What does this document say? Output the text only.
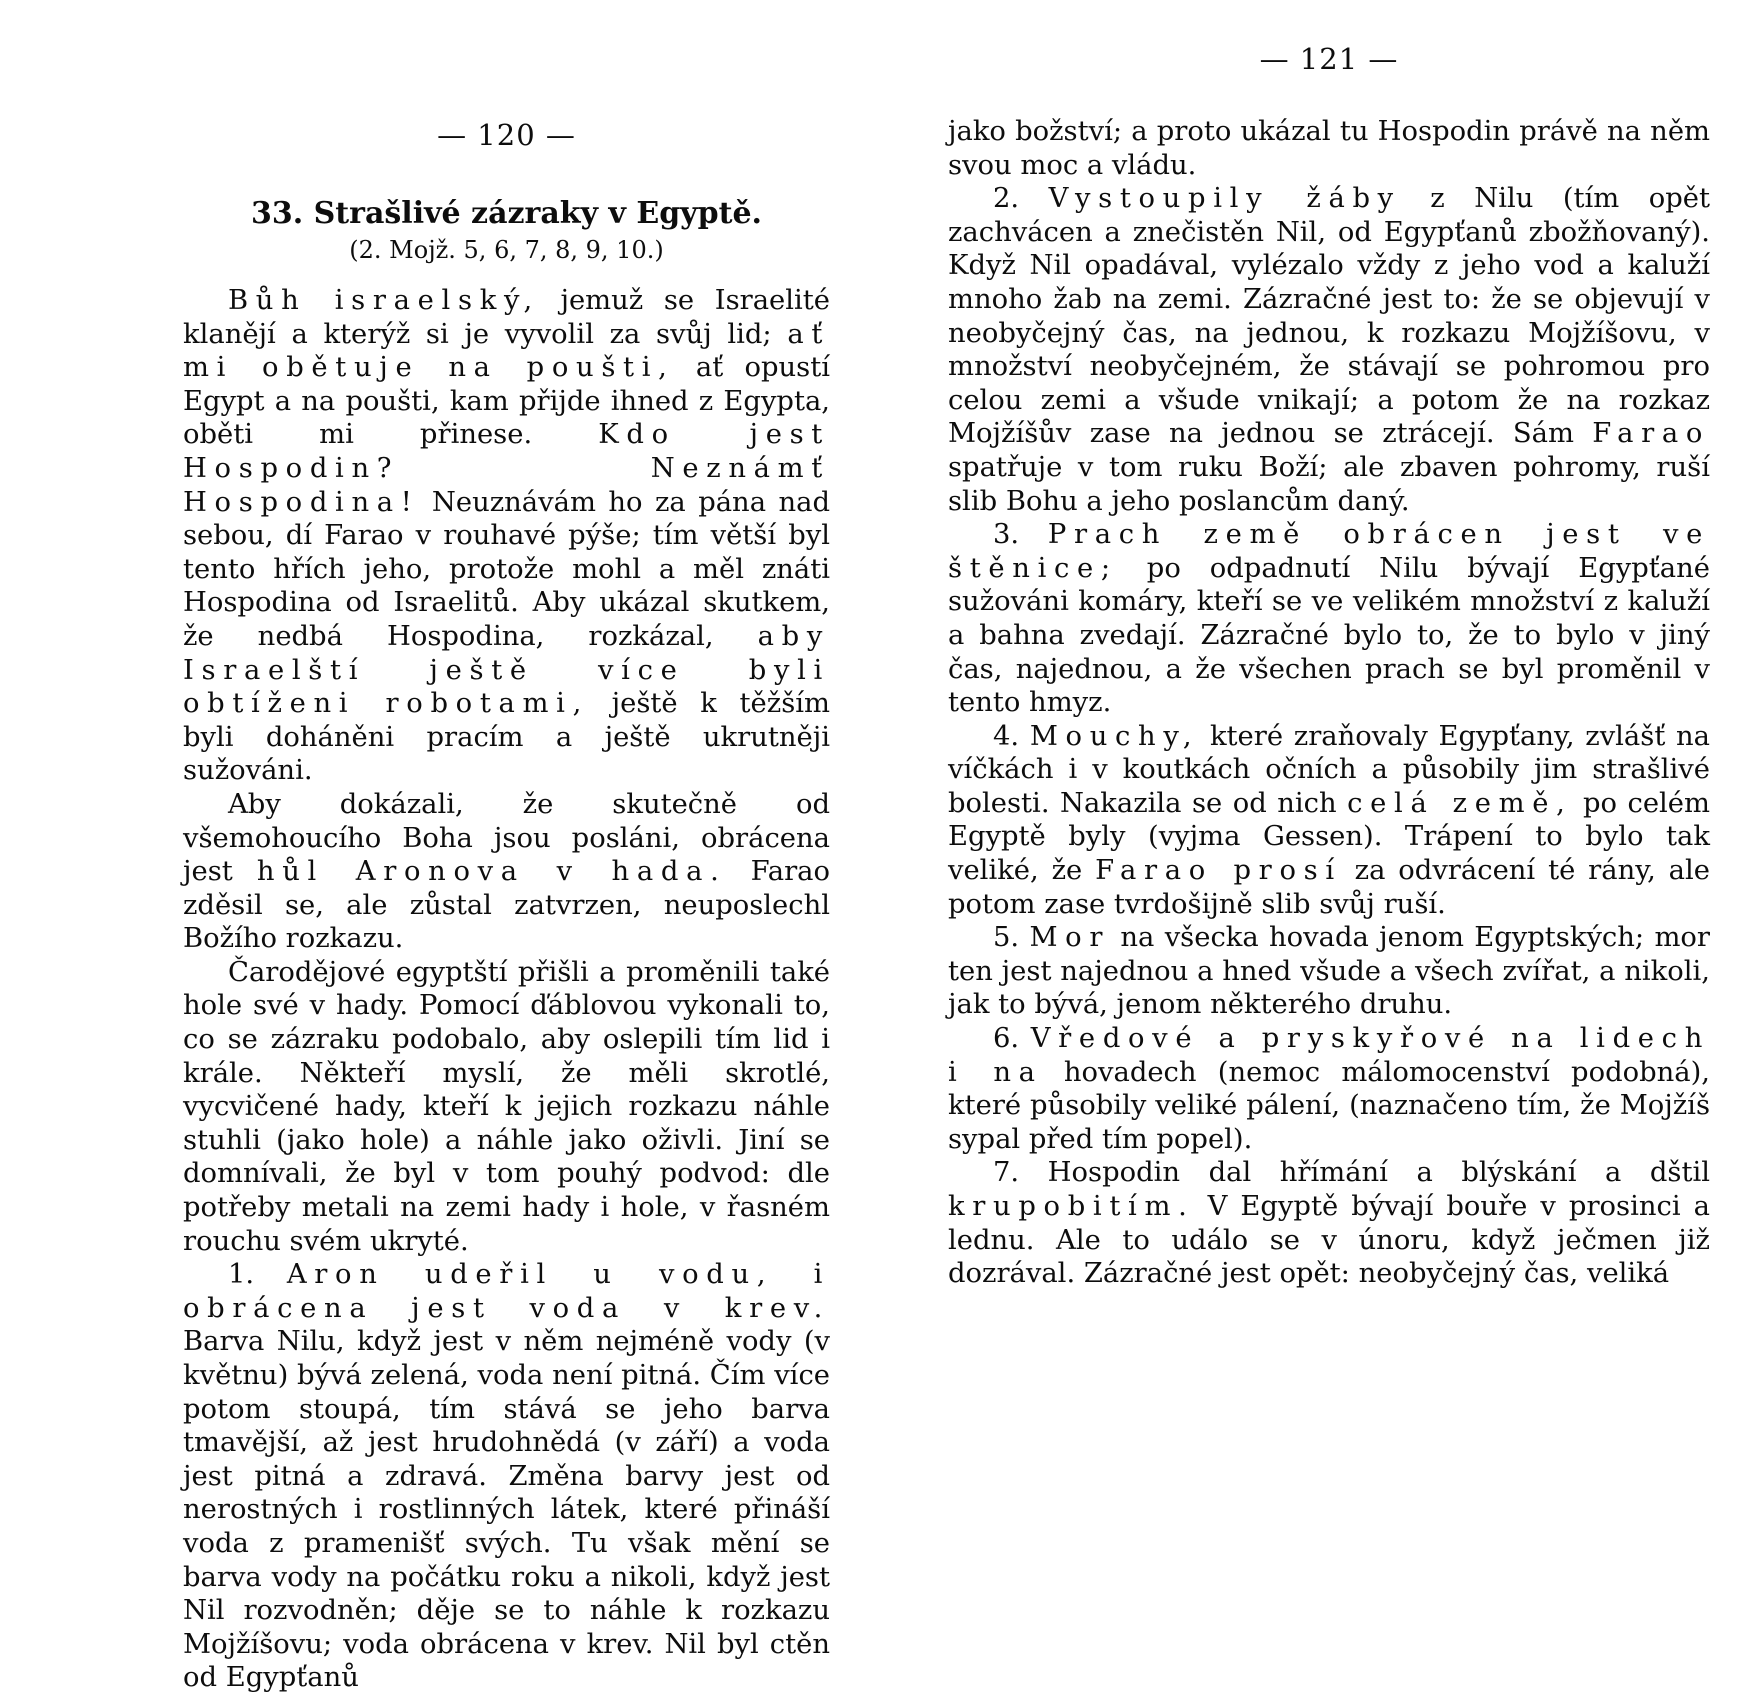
— 120 —
33. Strašlivé zázraky v Egyptě.
(2. Mojž. 5, 6, 7, 8, 9, 10.)

Bůh israelský, jemuž se Israelité klanějí a kterýž si je vyvolil za svůj lid; ať mi obětuje na poušti, ať opustí Egypt a na poušti, kam přijde ihned z Egypta, oběti mi přinese. Kdo jest Hospodin? Neznámť Hospodina! Neuznávám ho za pána nad sebou, dí Farao v rouhavé pýše; tím větší byl tento hřích jeho, protože mohl a měl znáti Hospodina od Israelitů. Aby ukázal skutkem, že nedbá Hospodina, rozkázal, aby Israelští ještě více byli obtíženi robotami, ještě k těžším byli doháněni pracím a ještě ukrutněji sužováni.

Aby dokázali, že skutečně od všemohoucího Boha jsou posláni, obrácena jest hůl Aronova v hada. Farao zděsil se, ale zůstal zatvrzen, neuposlechl Božího rozkazu.

Čarodějové egyptští přišli a proměnili také hole své v hady. Pomocí ďáblovou vykonali to, co se zázraku podobalo, aby oslepili tím lid i krále. Někteří myslí, že měli skrotlé, vycvičené hady, kteří k jejich rozkazu náhle stuhli (jako hole) a náhle jako oživli. Jiní se domnívali, že byl v tom pouhý podvod: dle potřeby metali na zemi hady i hole, v řasném rouchu svém ukryté.

1. Aron udeřil u vodu, i obrácena jest voda v krev. Barva Nilu, když jest v něm nejméně vody (v květnu) bývá zelená, voda není pitná. Čím více potom stoupá, tím stává se jeho barva tmavější, až jest hrudohnědá (v září) a voda jest pitná a zdravá. Změna barvy jest od nerostných i rostlinných látek, které přináší voda z pramenišť svých. Tu však mění se barva vody na počátku roku a nikoli, když jest Nil rozvodněn; děje se to náhle k rozkazu Mojžíšovu; voda obrácena v krev. Nil byl ctěn od Egypťanů

— 121 —

jako božství; a proto ukázal tu Hospodin právě na něm svou moc a vládu.

2. Vystoupily žáby z Nilu (tím opět zachvácen a znečistěn Nil, od Egypťanů zbožňovaný). Když Nil opadával, vylézalo vždy z jeho vod a kaluží mnoho žab na zemi. Zázračné jest to: že se objevují v neobyčejný čas, na jednou, k rozkazu Mojžíšovu, v množství neobyčejném, že stávají se pohromou pro celou zemi a všude vnikají; a potom že na rozkaz Mojžíšův zase na jednou se ztrácejí. Sám Farao spatřuje v tom ruku Boží; ale zbaven pohromy, ruší slib Bohu a jeho poslancům daný.

3. Prach země obrácen jest ve štěnice; po odpadnutí Nilu bývají Egypťané sužováni komáry, kteří se ve velikém množství z kaluží a bahna zvedají. Zázračné bylo to, že to bylo v jiný čas, najednou, a že všechen prach se byl proměnil v tento hmyz.

4. Mouchy, které zraňovaly Egypťany, zvlášť na víčkách i v koutkách očních a působily jim strašlivé bolesti. Nakazila se od nich celá země, po celém Egyptě byly (vyjma Gessen). Trápení to bylo tak veliké, že Farao prosí za odvrácení té rány, ale potom zase tvrdošijně slib svůj ruší.

5. Mor na všecka hovada jenom Egyptských; mor ten jest najednou a hned všude a všech zvířat, a nikoli, jak to bývá, jenom některého druhu.

6. Vředové a pryskyřové na lidech i na hovadech (nemoc málomocenství podobná), které působily veliké pálení, (naznačeno tím, že Mojžíš sypal před tím popel).

7. Hospodin dal hřímání a blýskání a dštil krupobitím. V Egyptě bývají bouře v prosinci a lednu. Ale to událo se v únoru, když ječmen již dozrával. Zázračné jest opět: neobyčejný čas, veliká
